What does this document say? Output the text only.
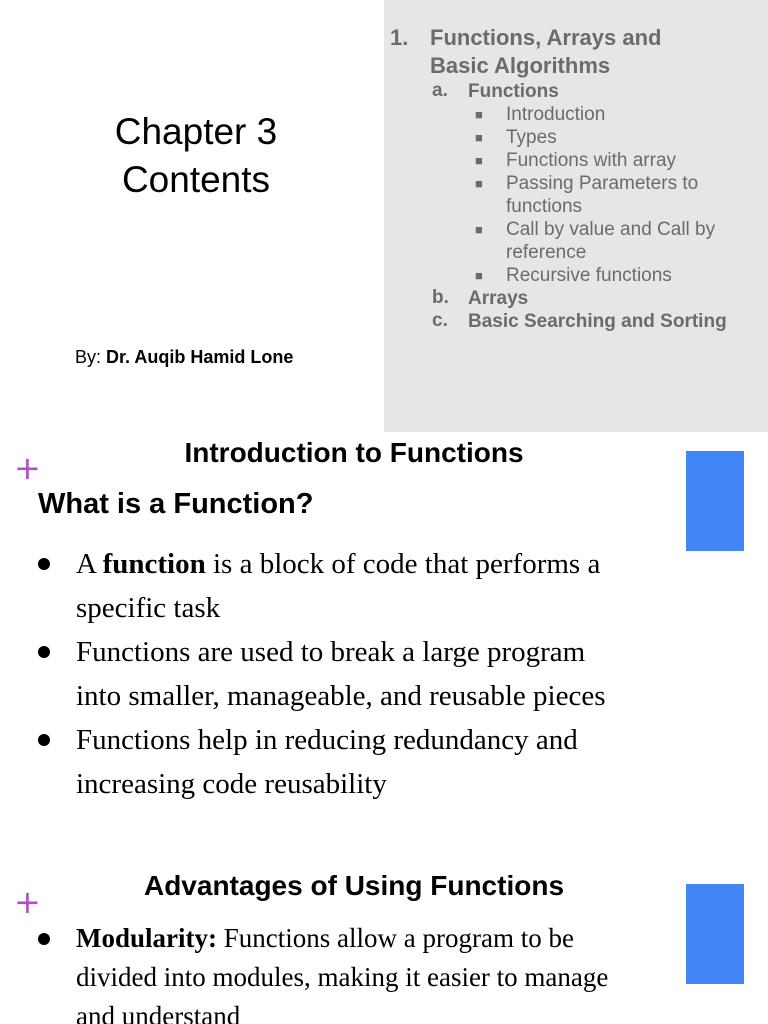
Chapter 3
Contents
By: Dr. Auqib Hamid Lone
1. Functions, Arrays and
Basic Algorithms
a. Functions
■ Introduction
■ Types
■ Functions with array
■ Passing Parameters to
functions
■ Call by value and Call by
reference
■ Recursive functions
b. Arrays
c. Basic Searching and Sorting
+	Introduction to Functions
What is a Function?
A function is a block of code that performs a
specific task
Functions are used to break a large program
into smaller, manageable, and reusable pieces
Functions help in reducing redundancy and
increasing code reusability
+	Advantages of Using Functions
Modularity: Functions allow a program to be
divided into modules, making it easier to manage
and understand
